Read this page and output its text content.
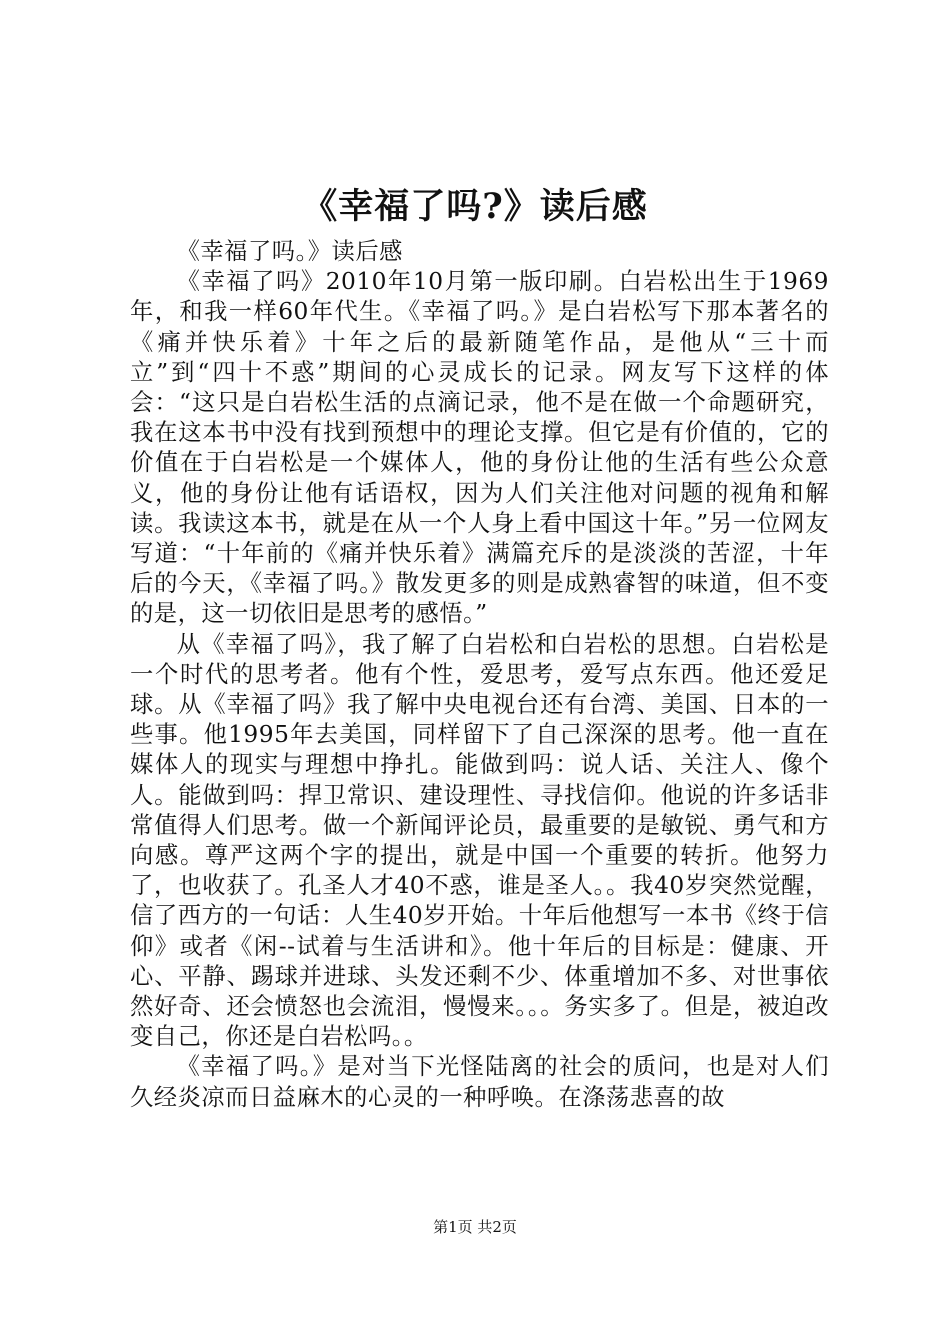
《幸福了吗?》读后感

《幸福了吗。》读后感

《幸福了吗》2010年10月第一版印刷。白岩松出生于1969年，和我一样60年代生。《幸福了吗。》是白岩松写下那本著名的《痛并快乐着》十年之后的最新随笔作品，是他从“三十而立”到“四十不惑”期间的心灵成长的记录。网友写下这样的体会：“这只是白岩松生活的点滴记录，他不是在做一个命题研究，我在这本书中没有找到预想中的理论支撑。但它是有价值的，它的价值在于白岩松是一个媒体人，他的身份让他的生活有些公众意义，他的身份让他有话语权，因为人们关注他对问题的视角和解读。我读这本书，就是在从一个人身上看中国这十年。”另一位网友写道：“十年前的《痛并快乐着》满篇充斥的是淡淡的苦涩，十年后的今天，《幸福了吗。》散发更多的则是成熟睿智的味道，但不变的是，这一切依旧是思考的感悟。”

从《幸福了吗》，我了解了白岩松和白岩松的思想。白岩松是一个时代的思考者。他有个性，爱思考，爱写点东西。他还爱足球。从《幸福了吗》我了解中央电视台还有台湾、美国、日本的一些事。他1995年去美国，同样留下了自己深深的思考。他一直在媒体人的现实与理想中挣扎。能做到吗：说人话、关注人、像个人。能做到吗：捍卫常识、建设理性、寻找信仰。他说的许多话非常值得人们思考。做一个新闻评论员，最重要的是敏锐、勇气和方向感。尊严这两个字的提出，就是中国一个重要的转折。他努力了，也收获了。孔圣人才40不惑，谁是圣人。。我40岁突然觉醒，信了西方的一句话：人生40岁开始。十年后他想写一本书《终于信仰》或者《闲--试着与生活讲和》。他十年后的目标是：健康、开心、平静、踢球并进球、头发还剩不少、体重增加不多、对世事依然好奇、还会愤怒也会流泪，慢慢来。。。务实多了。但是，被迫改变自己，你还是白岩松吗。。

《幸福了吗。》是对当下光怪陆离的社会的质问，也是对人们久经炎凉而日益麻木的心灵的一种呼唤。在涤荡悲喜的故

第1页 共2页
